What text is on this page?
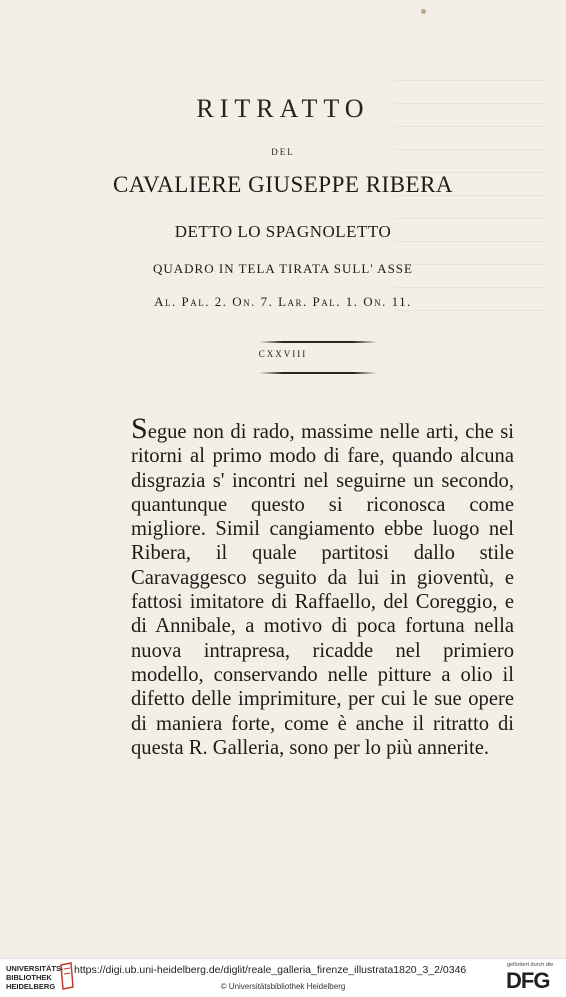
RITRATTO
DEL
CAVALIERE GIUSEPPE RIBERA
DETTO LO SPAGNOLETTO
QUADRO IN TELA TIRATA SULL' ASSE
Al. Pal. 2. On. 7. Lar. Pal. 1. On. 11.
CXXVIII

Segue non di rado, massime nelle arti, che si ritorni al primo modo di fare, quando alcuna disgrazia s' incontri nel seguirne un secondo, quantunque questo si riconosca come migliore. Simil cangiamento ebbe luogo nel Ribera, il quale partitosi dallo stile Caravaggesco seguito da lui in gioventù, e fattosi imitatore di Raffaello, del Coreggio, e di Annibale, a motivo di poca fortuna nella nuova intrapresa, ricadde nel primiero modello, conservando nelle pitture a olio il difetto delle imprimiture, per cui le sue opere di maniera forte, come è anche il ritratto di questa R. Galleria, sono per lo più annerite.

UNIVERSITÄTS-
BIBLIOTHEK
HEIDELBERG
https://digi.ub.uni-heidelberg.de/diglit/reale_galleria_firenze_illustrata1820_3_2/0346
© Universitätsbibliothek Heidelberg
gefördert durch die
DFG
